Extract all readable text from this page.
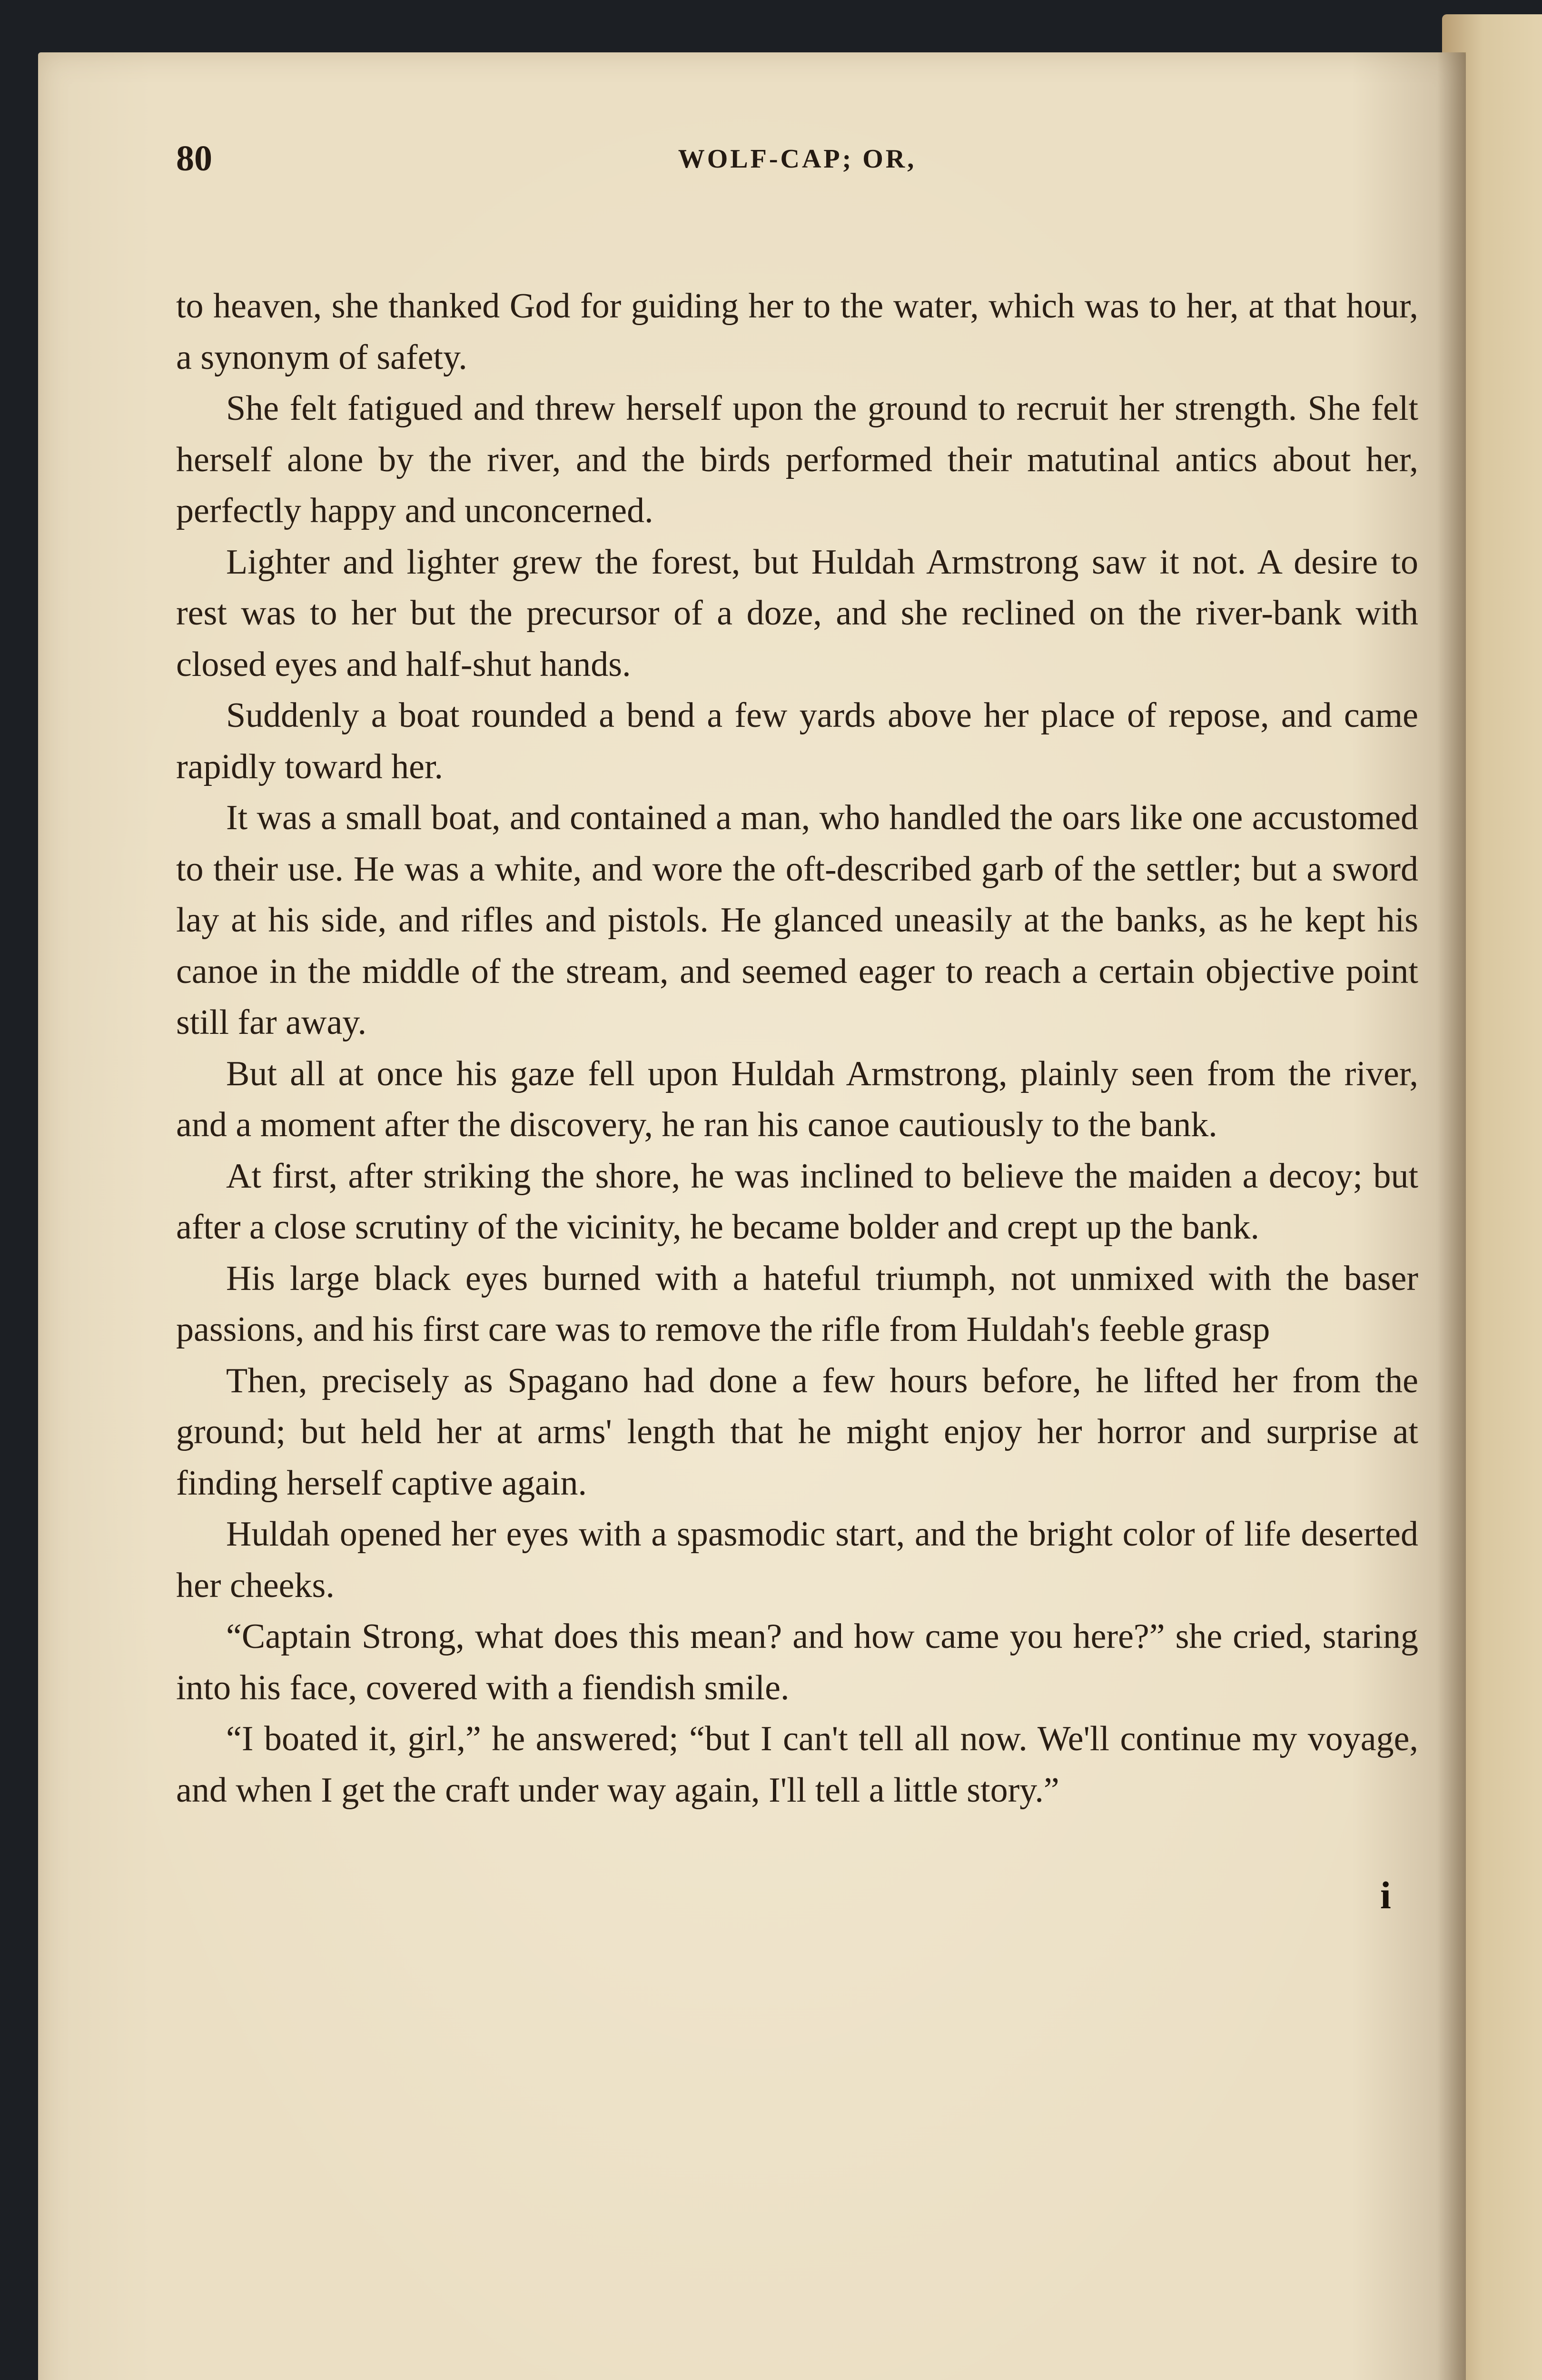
80	WOLF-CAP; OR,

to heaven, she thanked God for guiding her to the water, which was to her, at that hour, a synonym of safety.

She felt fatigued and threw herself upon the ground to recruit her strength. She felt herself alone by the river, and the birds performed their matutinal antics about her, perfectly happy and unconcerned.

Lighter and lighter grew the forest, but Huldah Armstrong saw it not. A desire to rest was to her but the precursor of a doze, and she reclined on the river-bank with closed eyes and half-shut hands.

Suddenly a boat rounded a bend a few yards above her place of repose, and came rapidly toward her.

It was a small boat, and contained a man, who handled the oars like one accustomed to their use. He was a white, and wore the oft-described garb of the settler; but a sword lay at his side, and rifles and pistols. He glanced uneasily at the banks, as he kept his canoe in the middle of the stream, and seemed eager to reach a certain objective point still far away.

But all at once his gaze fell upon Huldah Armstrong, plainly seen from the river, and a moment after the discovery, he ran his canoe cautiously to the bank.

At first, after striking the shore, he was inclined to believe the maiden a decoy; but after a close scrutiny of the vicinity, he became bolder and crept up the bank.

His large black eyes burned with a hateful triumph, not unmixed with the baser passions, and his first care was to remove the rifle from Huldah's feeble grasp

Then, precisely as Spagano had done a few hours before, he lifted her from the ground; but held her at arms' length that he might enjoy her horror and surprise at finding herself captive again.

Huldah opened her eyes with a spasmodic start, and the bright color of life deserted her cheeks.

“Captain Strong, what does this mean? and how came you here?” she cried, staring into his face, covered with a fiendish smile.

“I boated it, girl,” he answered; “but I can't tell all now. We'll continue my voyage, and when I get the craft under way again, I'll tell a little story.”

i
